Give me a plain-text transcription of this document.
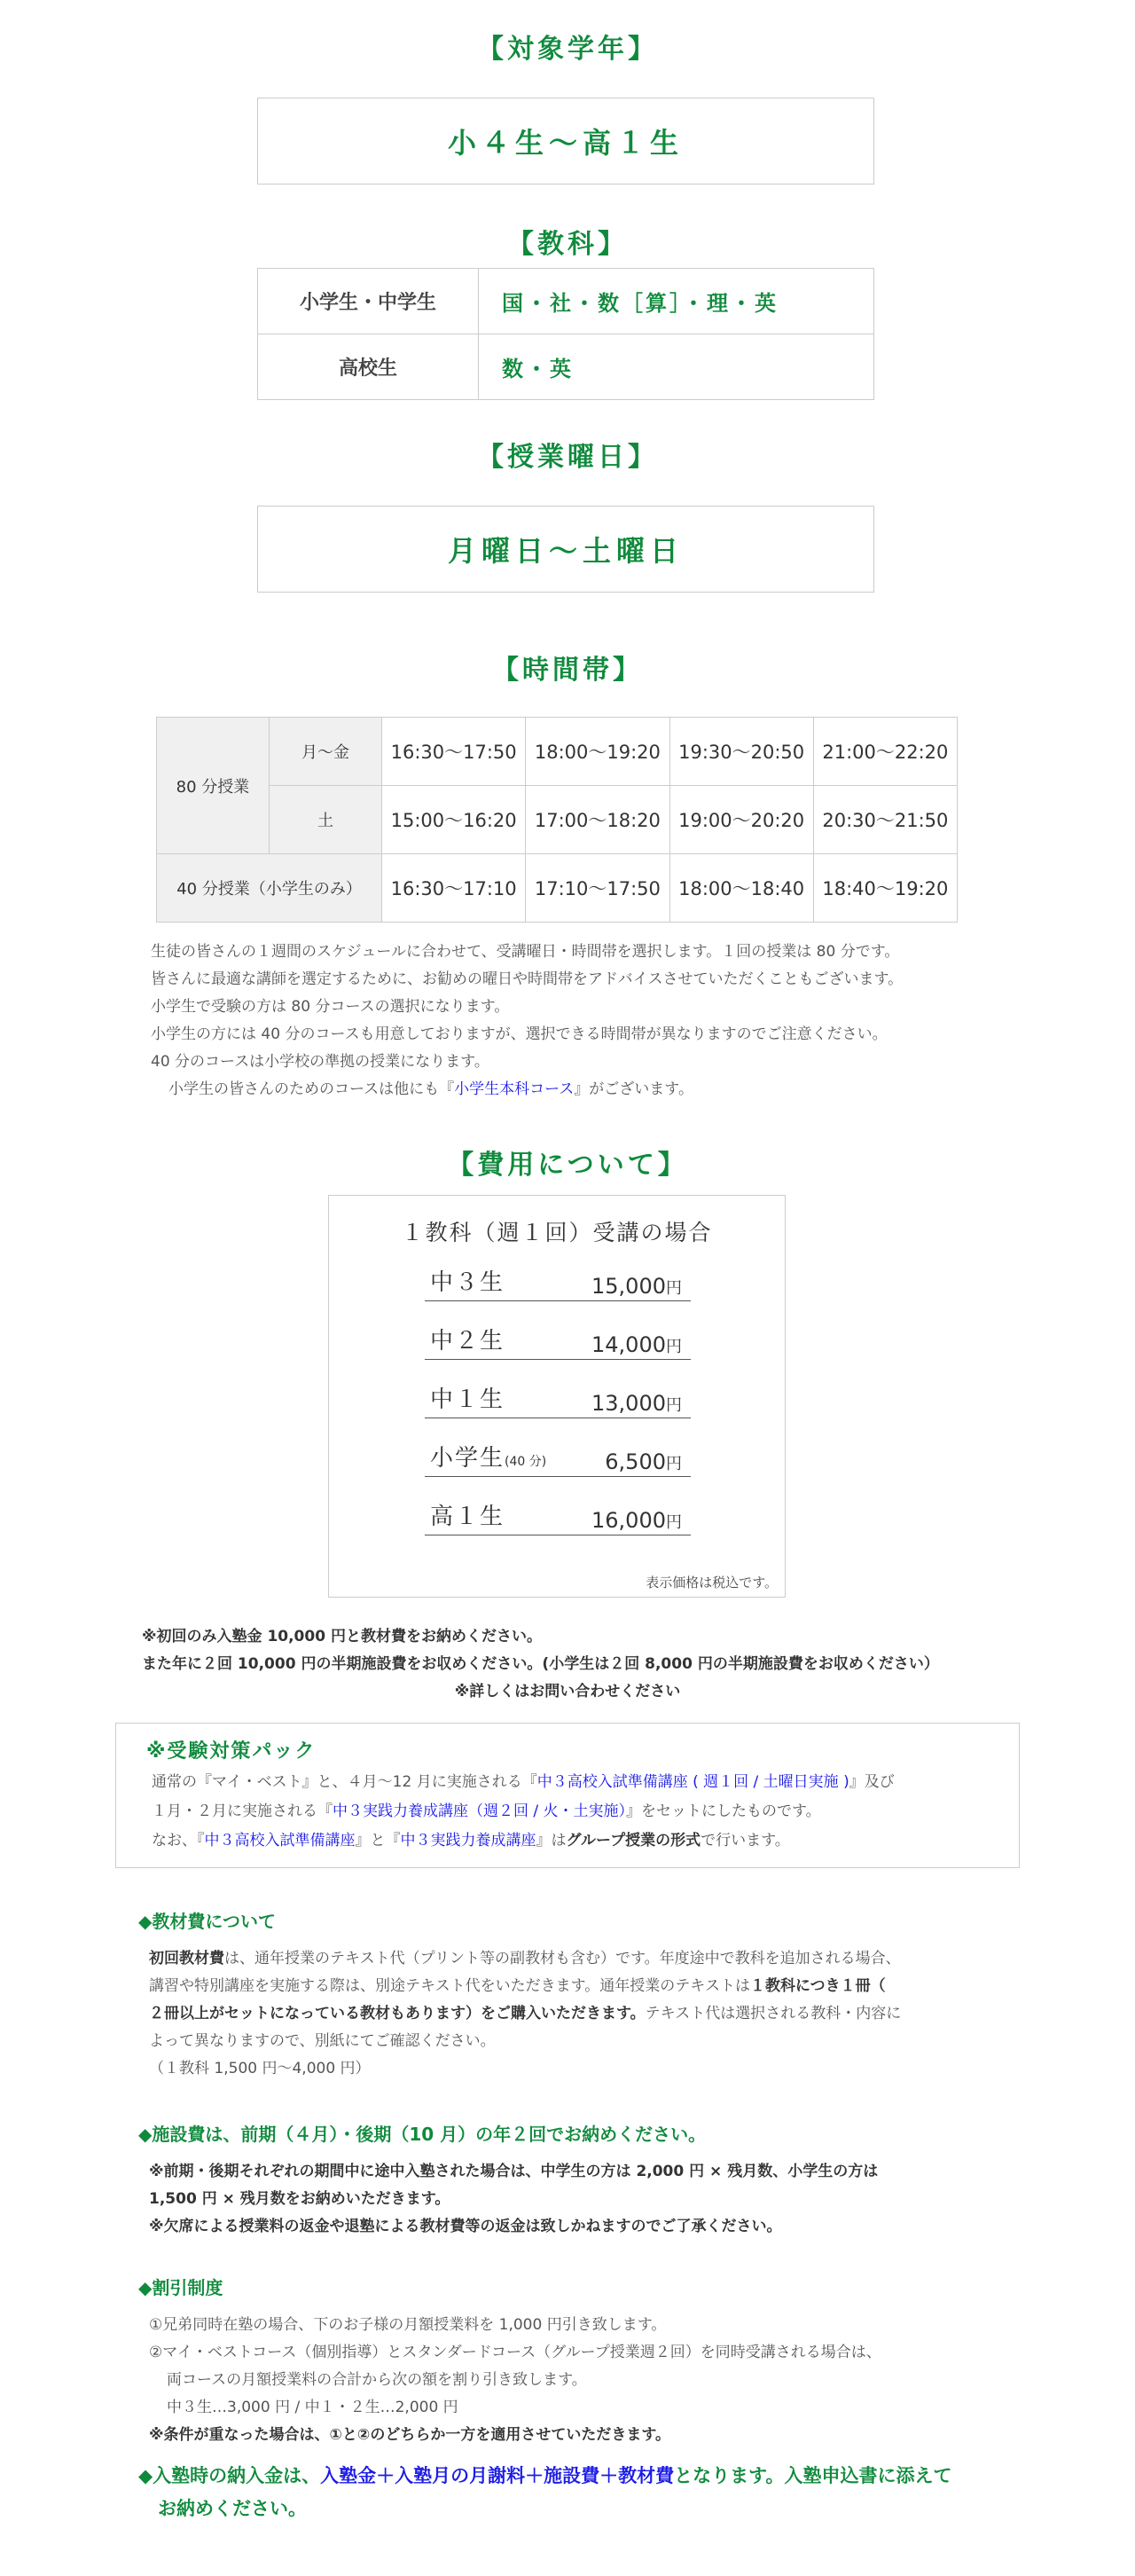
【対象学年】
小４生〜高１生
【教科】
小学生・中学生	国・社・数［算］・理・英
高校生	数・英
【授業曜日】
月曜日〜土曜日
【時間帯】
80 分授業	月〜金	16:30〜17:50	18:00〜19:20	19:30〜20:50	21:00〜22:20
	土	15:00〜16:20	17:00〜18:20	19:00〜20:20	20:30〜21:50
40 分授業（小学生のみ）		16:30〜17:10	17:10〜17:50	18:00〜18:40	18:40〜19:20
生徒の皆さんの１週間のスケジュールに合わせて、受講曜日・時間帯を選択します。１回の授業は 80 分です。
皆さんに最適な講師を選定するために、お勧めの曜日や時間帯をアドバイスさせていただくこともございます。
小学生で受験の方は 80 分コースの選択になります。
小学生の方には 40 分のコースも用意しておりますが、選択できる時間帯が異なりますのでご注意ください。
40 分のコースは小学校の準拠の授業になります。
小学生の皆さんのためのコースは他にも『小学生本科コース』がございます。
【費用について】
１教科（週１回）受講の場合
中３生	15,000円
中２生	14,000円
中１生	13,000円
小学生(40 分)	6,500円
高１生	16,000円
表示価格は税込です。
※初回のみ入塾金 10,000 円と教材費をお納めください。
また年に２回 10,000 円の半期施設費をお収めください。(小学生は２回 8,000 円の半期施設費をお収めください）
※詳しくはお問い合わせください
※受験対策パック
通常の『マイ・ベスト』と、４月〜12 月に実施される『中３高校入試準備講座 ( 週１回 / 土曜日実施 )』及び
１月・２月に実施される『中３実践力養成講座（週２回 / 火・土実施）』をセットにしたものです。
なお、『中３高校入試準備講座』と『中３実践力養成講座』はグループ授業の形式で行います。
◆教材費について
初回教材費は、通年授業のテキスト代（プリント等の副教材も含む）です。年度途中で教科を追加される場合、
講習や特別講座を実施する際は、別途テキスト代をいただきます。通年授業のテキストは１教科につき１冊（
２冊以上がセットになっている教材もあります）をご購入いただきます。テキスト代は選択される教科・内容に
よって異なりますので、別紙にてご確認ください。
（１教科 1,500 円〜4,000 円）
◆施設費は、前期（４月）・後期（10 月）の年２回でお納めください。
※前期・後期それぞれの期間中に途中入塾された場合は、中学生の方は 2,000 円 × 残月数、小学生の方は
1,500 円 × 残月数をお納めいただきます。
※欠席による授業料の返金や退塾による教材費等の返金は致しかねますのでご了承ください。
◆割引制度
①兄弟同時在塾の場合、下のお子様の月額授業料を 1,000 円引き致します。
②マイ・ベストコース（個別指導）とスタンダードコース（グループ授業週２回）を同時受講される場合は、
両コースの月額授業料の合計から次の額を割り引き致します。
中３生…3,000 円 / 中１・２生…2,000 円
※条件が重なった場合は、①と②のどちらか一方を適用させていただきます。
◆入塾時の納入金は、入塾金＋入塾月の月謝料＋施設費＋教材費となります。入塾申込書に添えて
お納めください。
